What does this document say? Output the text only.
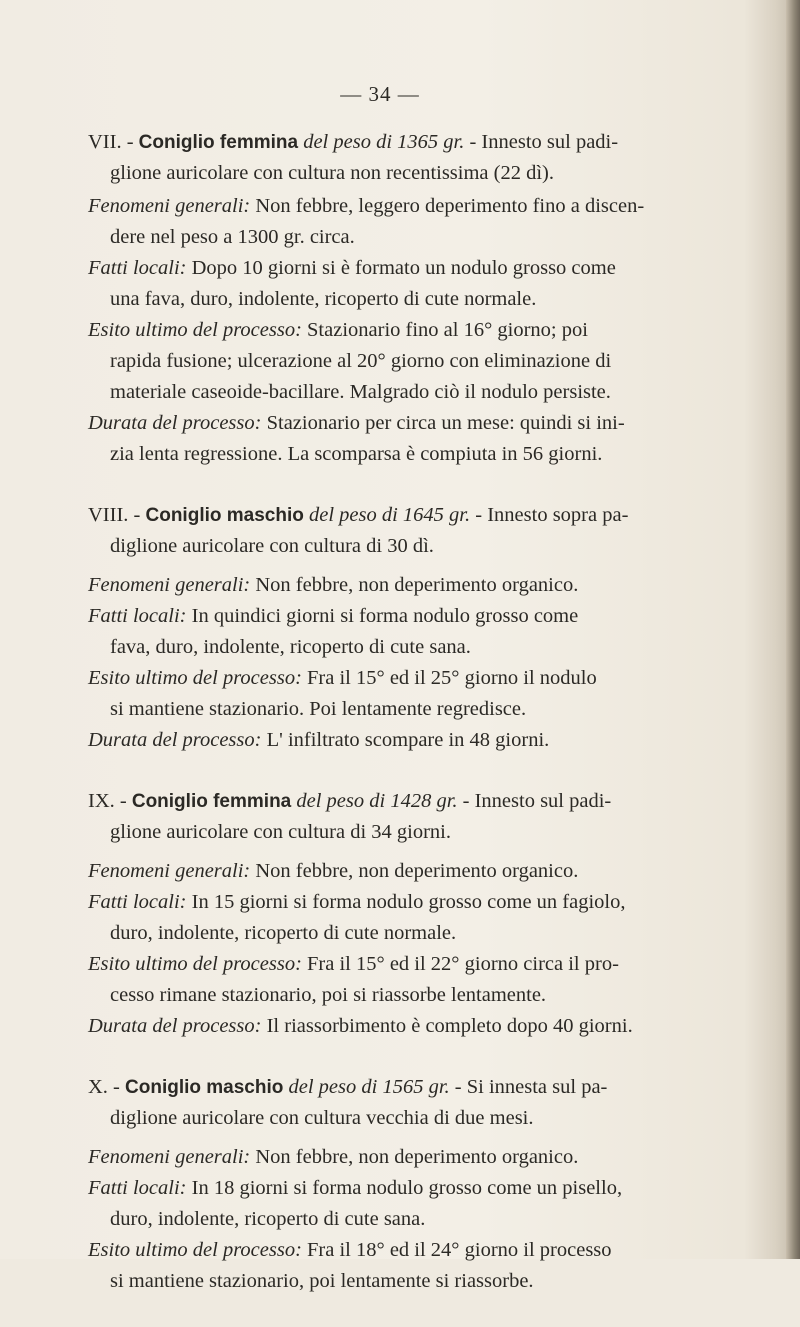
— 34 —
VII. - Coniglio femmina del peso di 1365 gr. - Innesto sul padi-
glione auricolare con cultura non recentissima (22 dì).
Fenomeni generali: Non febbre, leggero deperimento fino a discen-
dere nel peso a 1300 gr. circa.
Fatti locali: Dopo 10 giorni si è formato un nodulo grosso come
una fava, duro, indolente, ricoperto di cute normale.
Esito ultimo del processo: Stazionario fino al 16° giorno; poi
rapida fusione; ulcerazione al 20° giorno con eliminazione di
materiale caseoide-bacillare. Malgrado ciò il nodulo persiste.
Durata del processo: Stazionario per circa un mese: quindi si ini-
zia lenta regressione. La scomparsa è compiuta in 56 giorni.
VIII. - Coniglio maschio del peso di 1645 gr. - Innesto sopra pa-
diglione auricolare con cultura di 30 dì.
Fenomeni generali: Non febbre, non deperimento organico.
Fatti locali: In quindici giorni si forma nodulo grosso come
fava, duro, indolente, ricoperto di cute sana.
Esito ultimo del processo: Fra il 15° ed il 25° giorno il nodulo
si mantiene stazionario. Poi lentamente regredisce.
Durata del processo: L' infiltrato scompare in 48 giorni.
IX. - Coniglio femmina del peso di 1428 gr. - Innesto sul padi-
glione auricolare con cultura di 34 giorni.
Fenomeni generali: Non febbre, non deperimento organico.
Fatti locali: In 15 giorni si forma nodulo grosso come un fagiolo,
duro, indolente, ricoperto di cute normale.
Esito ultimo del processo: Fra il 15° ed il 22° giorno circa il pro-
cesso rimane stazionario, poi si riassorbe lentamente.
Durata del processo: Il riassorbimento è completo dopo 40 giorni.
X. - Coniglio maschio del peso di 1565 gr. - Si innesta sul pa-
diglione auricolare con cultura vecchia di due mesi.
Fenomeni generali: Non febbre, non deperimento organico.
Fatti locali: In 18 giorni si forma nodulo grosso come un pisello,
duro, indolente, ricoperto di cute sana.
Esito ultimo del processo: Fra il 18° ed il 24° giorno il processo
si mantiene stazionario, poi lentamente si riassorbe.
